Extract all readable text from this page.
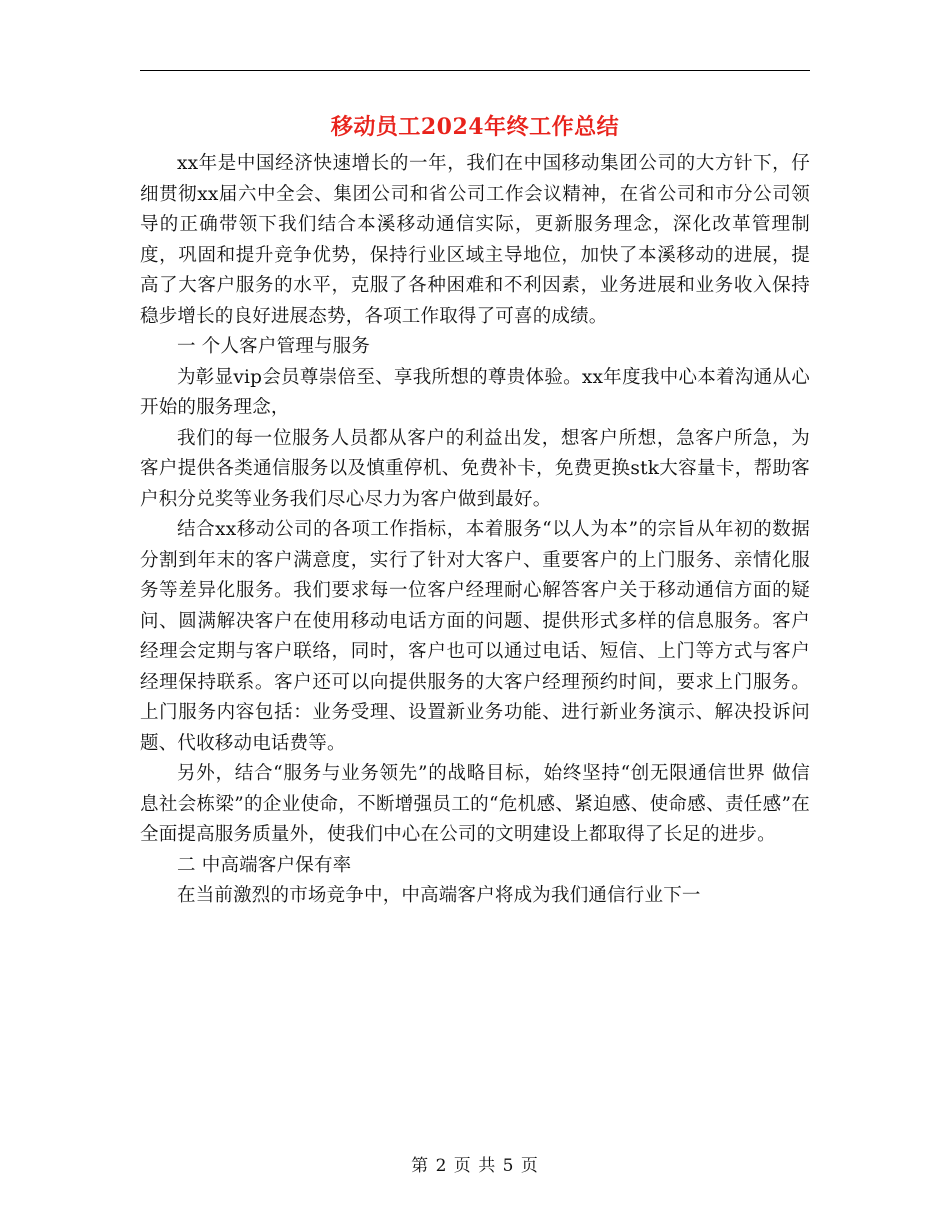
移动员工2024年终工作总结

xx年是中国经济快速增长的一年，我们在中国移动集团公司的大方针下，仔细贯彻xx届六中全会、集团公司和省公司工作会议精神，在省公司和市分公司领导的正确带领下我们结合本溪移动通信实际，更新服务理念，深化改革管理制度，巩固和提升竞争优势，保持行业区域主导地位，加快了本溪移动的进展，提高了大客户服务的水平，克服了各种困难和不利因素，业务进展和业务收入保持稳步增长的良好进展态势，各项工作取得了可喜的成绩。

一 个人客户管理与服务

为彰显vip会员尊崇倍至、享我所想的尊贵体验。xx年度我中心本着沟通从心开始的服务理念，

我们的每一位服务人员都从客户的利益出发，想客户所想，急客户所急，为客户提供各类通信服务以及慎重停机、免费补卡，免费更换stk大容量卡，帮助客户积分兑奖等业务我们尽心尽力为客户做到最好。

结合xx移动公司的各项工作指标，本着服务“以人为本”的宗旨从年初的数据分割到年末的客户满意度，实行了针对大客户、重要客户的上门服务、亲情化服务等差异化服务。我们要求每一位客户经理耐心解答客户关于移动通信方面的疑问、圆满解决客户在使用移动电话方面的问题、提供形式多样的信息服务。客户经理会定期与客户联络，同时，客户也可以通过电话、短信、上门等方式与客户经理保持联系。客户还可以向提供服务的大客户经理预约时间，要求上门服务。上门服务内容包括：业务受理、设置新业务功能、进行新业务演示、解决投诉问题、代收移动电话费等。

另外，结合“服务与业务领先”的战略目标，始终坚持“创无限通信世界 做信息社会栋梁”的企业使命，不断增强员工的“危机感、紧迫感、使命感、责任感”在全面提高服务质量外，使我们中心在公司的文明建设上都取得了长足的进步。

二 中高端客户保有率

在当前激烈的市场竞争中，中高端客户将成为我们通信行业下一

第 2 页 共 5 页
